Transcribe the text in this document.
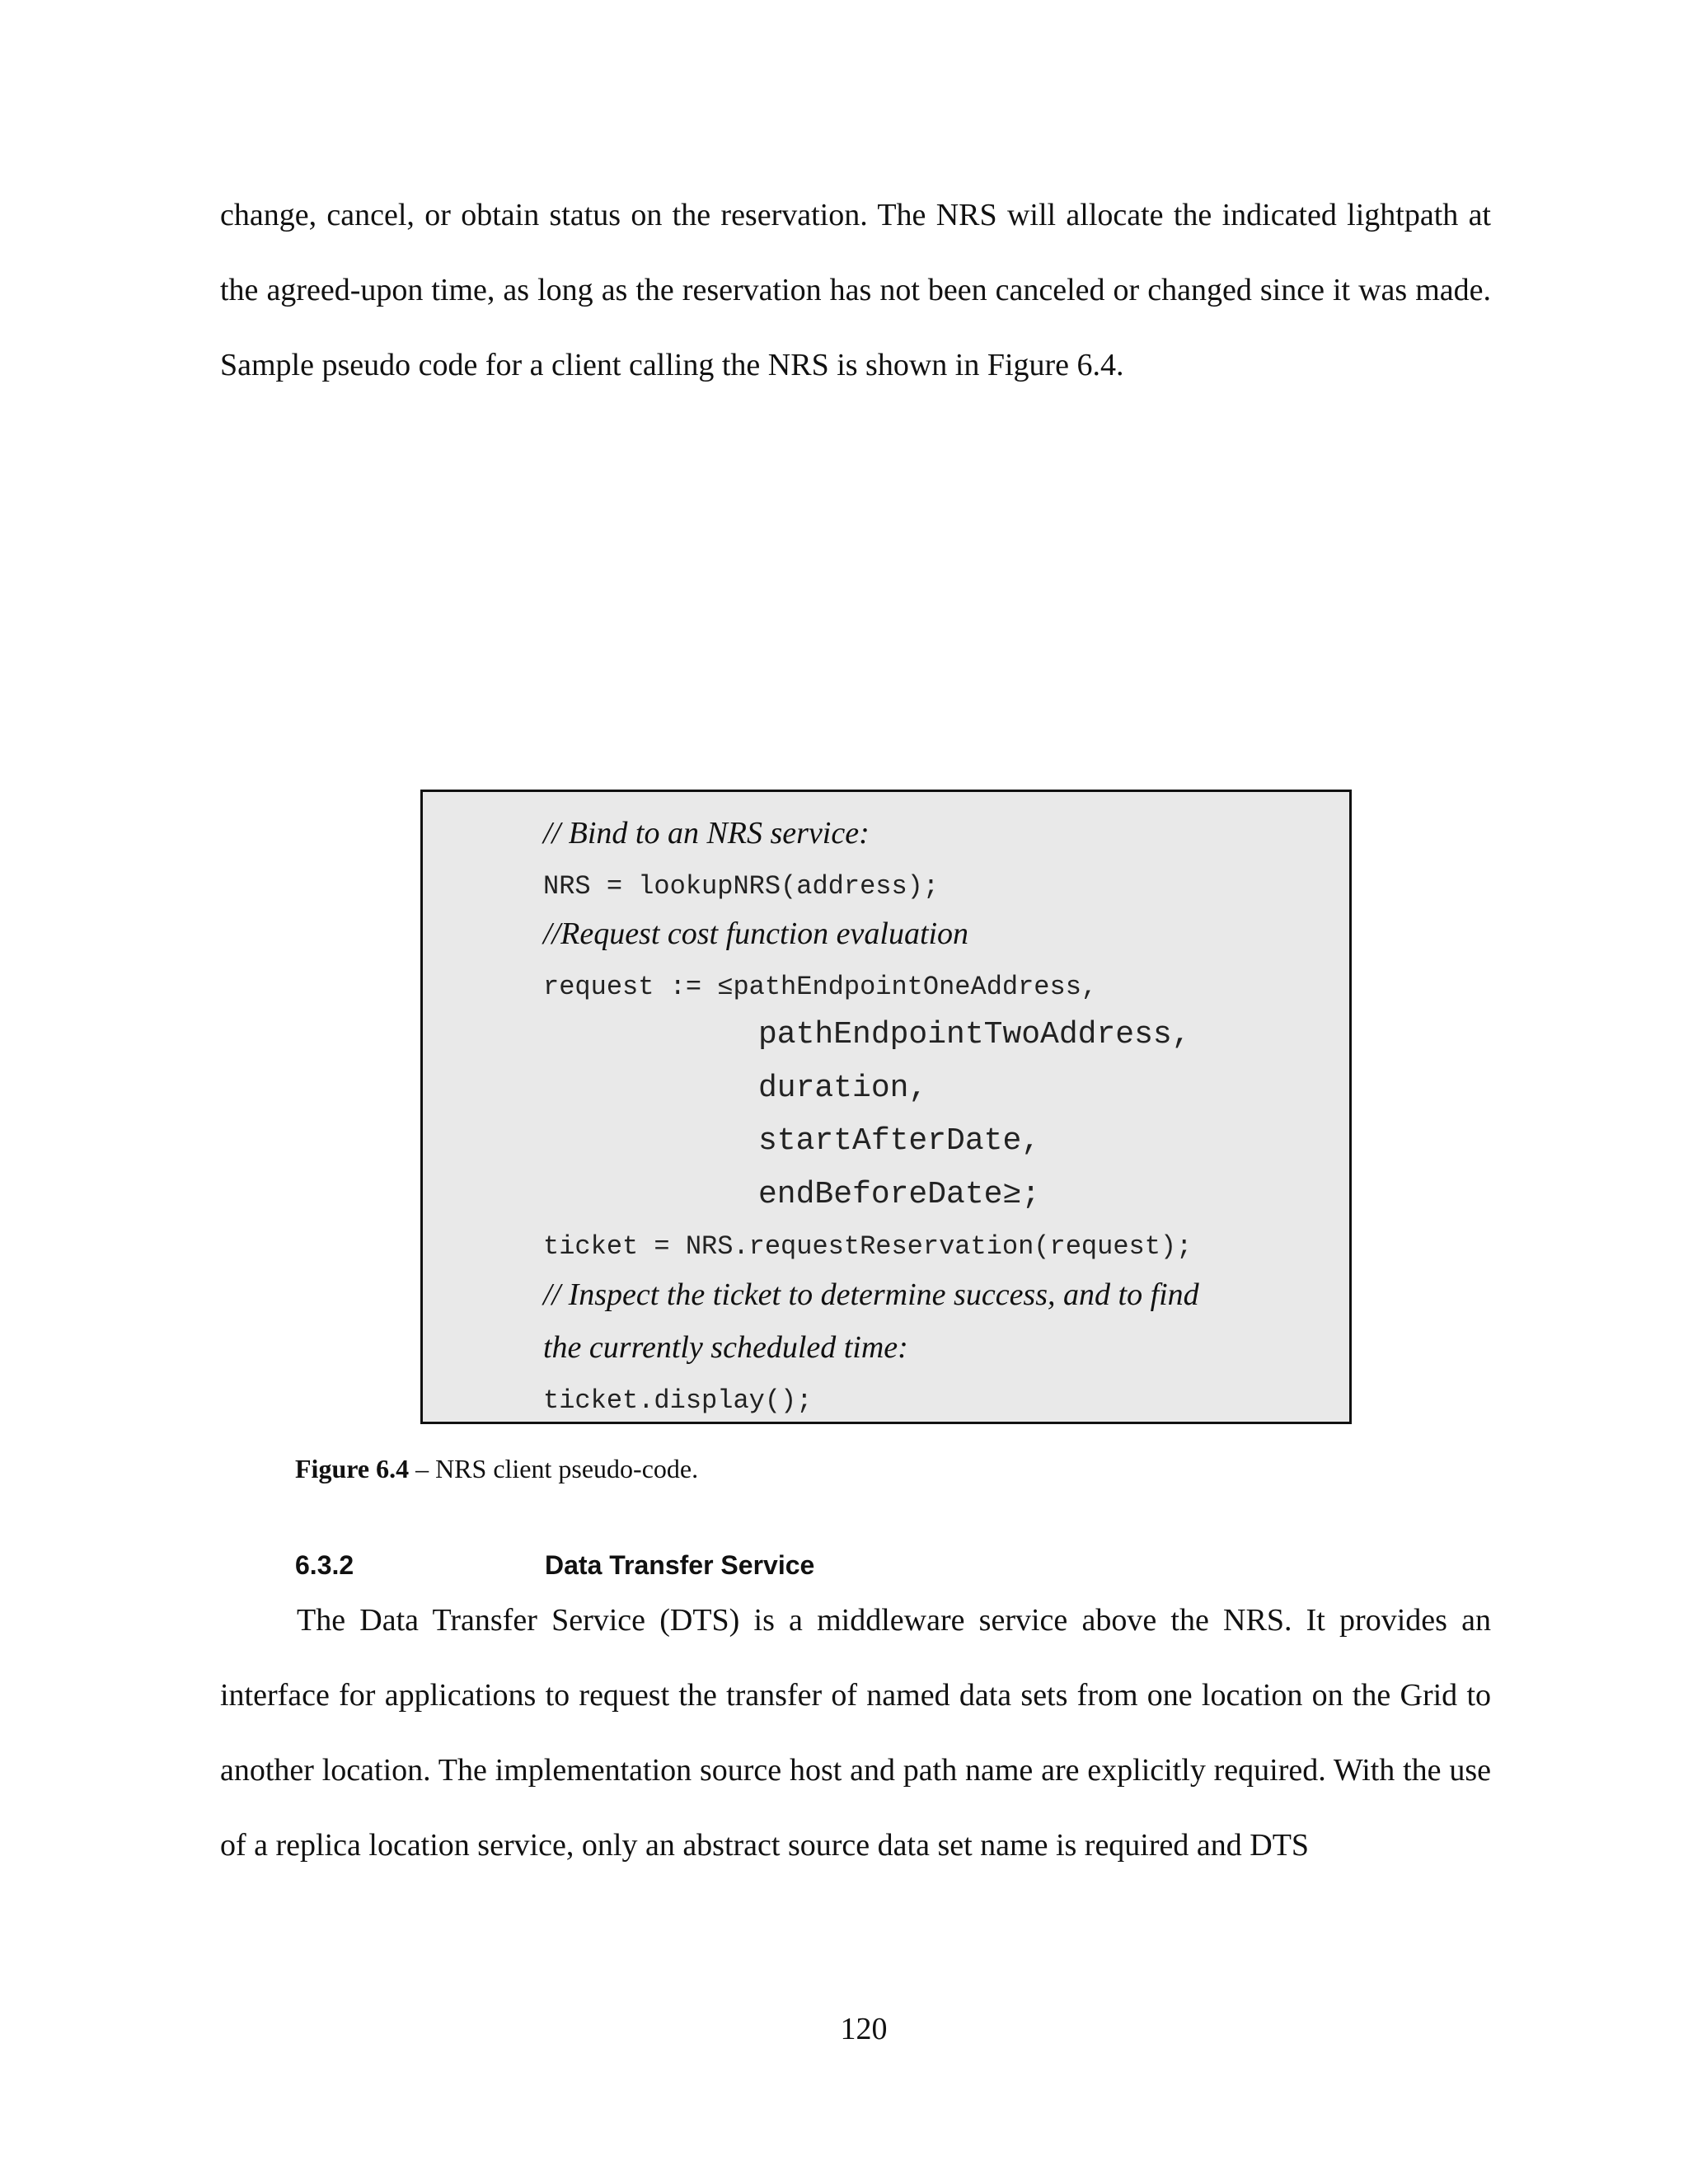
change, cancel, or obtain status on the reservation. The NRS will allocate the indicated lightpath at the agreed-upon time, as long as the reservation has not been canceled or changed since it was made. Sample pseudo code for a client calling the NRS is shown in Figure 6.4.

// Bind to an NRS service:
NRS = lookupNRS(address);
//Request cost function evaluation
request := ≤pathEndpointOneAddress,
pathEndpointTwoAddress,
duration,
startAfterDate,
endBeforeDate≥;
ticket = NRS.requestReservation(request);
// Inspect the ticket to determine success, and to find
the currently scheduled time:
ticket.display();
Figure 6.4 – NRS client pseudo-code.
6.3.2	Data Transfer Service

The Data Transfer Service (DTS) is a middleware service above the NRS. It provides an interface for applications to request the transfer of named data sets from one location on the Grid to another location. The implementation source host and path name are explicitly required. With the use of a replica location service, only an abstract source data set name is required and DTS

120
